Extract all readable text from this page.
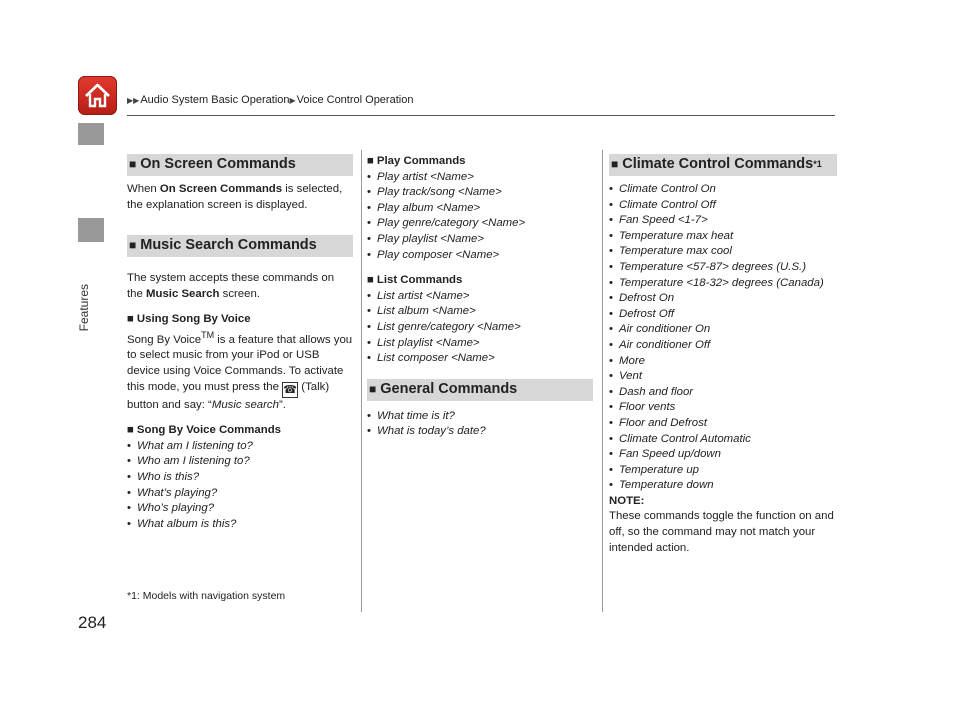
▶▶Audio System Basic Operation▶Voice Control Operation
Features
284
■ On Screen Commands

When On Screen Commands is selected, the explanation screen is displayed.

■ Music Search Commands

The system accepts these commands on the Music Search screen.

■ Using Song By Voice

Song By Voice™ is a feature that allows you to select music from your iPod or USB device using Voice Commands. To activate this mode, you must press the ☎ (Talk) button and say: “Music search”.

■ Song By Voice Commands
• What am I listening to?
• Who am I listening to?
• Who is this?
• What’s playing?
• Who’s playing?
• What album is this?
*1: Models with navigation system
■ Play Commands
• Play artist <Name>
• Play track/song <Name>
• Play album <Name>
• Play genre/category <Name>
• Play playlist <Name>
• Play composer <Name>
■ List Commands
• List artist <Name>
• List album <Name>
• List genre/category <Name>
• List playlist <Name>
• List composer <Name>
■ General Commands
• What time is it?
• What is today’s date?
■ Climate Control Commands *1
• Climate Control On
• Climate Control Off
• Fan Speed <1-7>
• Temperature max heat
• Temperature max cool
• Temperature <57-87> degrees (U.S.)
• Temperature <18-32> degrees (Canada)
• Defrost On
• Defrost Off
• Air conditioner On
• Air conditioner Off
• More
• Vent
• Dash and floor
• Floor vents
• Floor and Defrost
• Climate Control Automatic
• Fan Speed up/down
• Temperature up
• Temperature down

NOTE:

These commands toggle the function on and off, so the command may not match your intended action.
